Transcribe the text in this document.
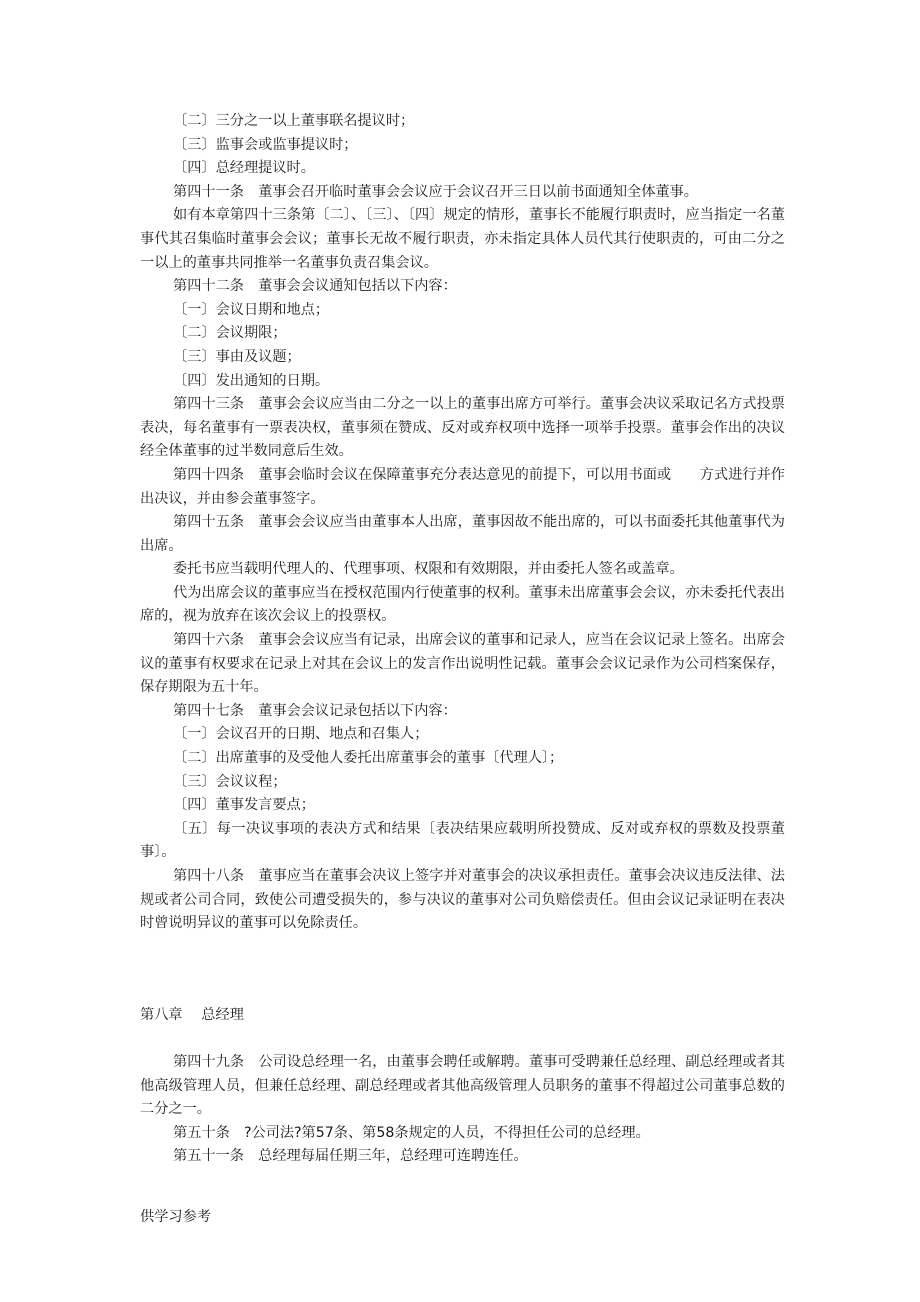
〔二〕三分之一以上董事联名提议时；

〔三〕监事会或监事提议时；

〔四〕总经理提议时。

第四十一条　董事会召开临时董事会会议应于会议召开三日以前书面通知全体董事。

如有本章第四十三条第〔二〕、〔三〕、〔四〕规定的情形，董事长不能履行职责时，应当指定一名董事代其召集临时董事会会议；董事长无故不履行职责，亦未指定具体人员代其行使职责的，可由二分之一以上的董事共同推举一名董事负责召集会议。

第四十二条　董事会会议通知包括以下内容：

〔一〕会议日期和地点；

〔二〕会议期限；

〔三〕事由及议题；

〔四〕发出通知的日期。

第四十三条　董事会会议应当由二分之一以上的董事出席方可举行。董事会决议采取记名方式投票表决，每名董事有一票表决权，董事须在赞成、反对或弃权项中选择一项举手投票。董事会作出的决议经全体董事的过半数同意后生效。

第四十四条　董事会临时会议在保障董事充分表达意见的前提下，可以用书面或　　方式进行并作出决议，并由参会董事签字。

第四十五条　董事会会议应当由董事本人出席，董事因故不能出席的，可以书面委托其他董事代为出席。

委托书应当载明代理人的、代理事项、权限和有效期限，并由委托人签名或盖章。

代为出席会议的董事应当在授权范围内行使董事的权利。董事未出席董事会会议，亦未委托代表出席的，视为放弃在该次会议上的投票权。

第四十六条　董事会会议应当有记录，出席会议的董事和记录人，应当在会议记录上签名。出席会议的董事有权要求在记录上对其在会议上的发言作出说明性记载。董事会会议记录作为公司档案保存，保存期限为五十年。

第四十七条　董事会会议记录包括以下内容：

〔一〕会议召开的日期、地点和召集人；

〔二〕出席董事的及受他人委托出席董事会的董事〔代理人〕；

〔三〕会议议程；

〔四〕董事发言要点；

〔五〕每一决议事项的表决方式和结果〔表决结果应载明所投赞成、反对或弃权的票数及投票董事〕。

第四十八条　董事应当在董事会决议上签字并对董事会的决议承担责任。董事会决议违反法律、法规或者公司合同，致使公司遭受损失的，参与决议的董事对公司负赔偿责任。但由会议记录证明在表决时曾说明异议的董事可以免除责任。

第八章　 总经理

第四十九条　公司设总经理一名，由董事会聘任或解聘。董事可受聘兼任总经理、副总经理或者其他高级管理人员，但兼任总经理、副总经理或者其他高级管理人员职务的董事不得超过公司董事总数的二分之一。

第五十条　?公司法?第57条、第58条规定的人员，不得担任公司的总经理。

第五十一条　总经理每届任期三年，总经理可连聘连任。

供学习参考
